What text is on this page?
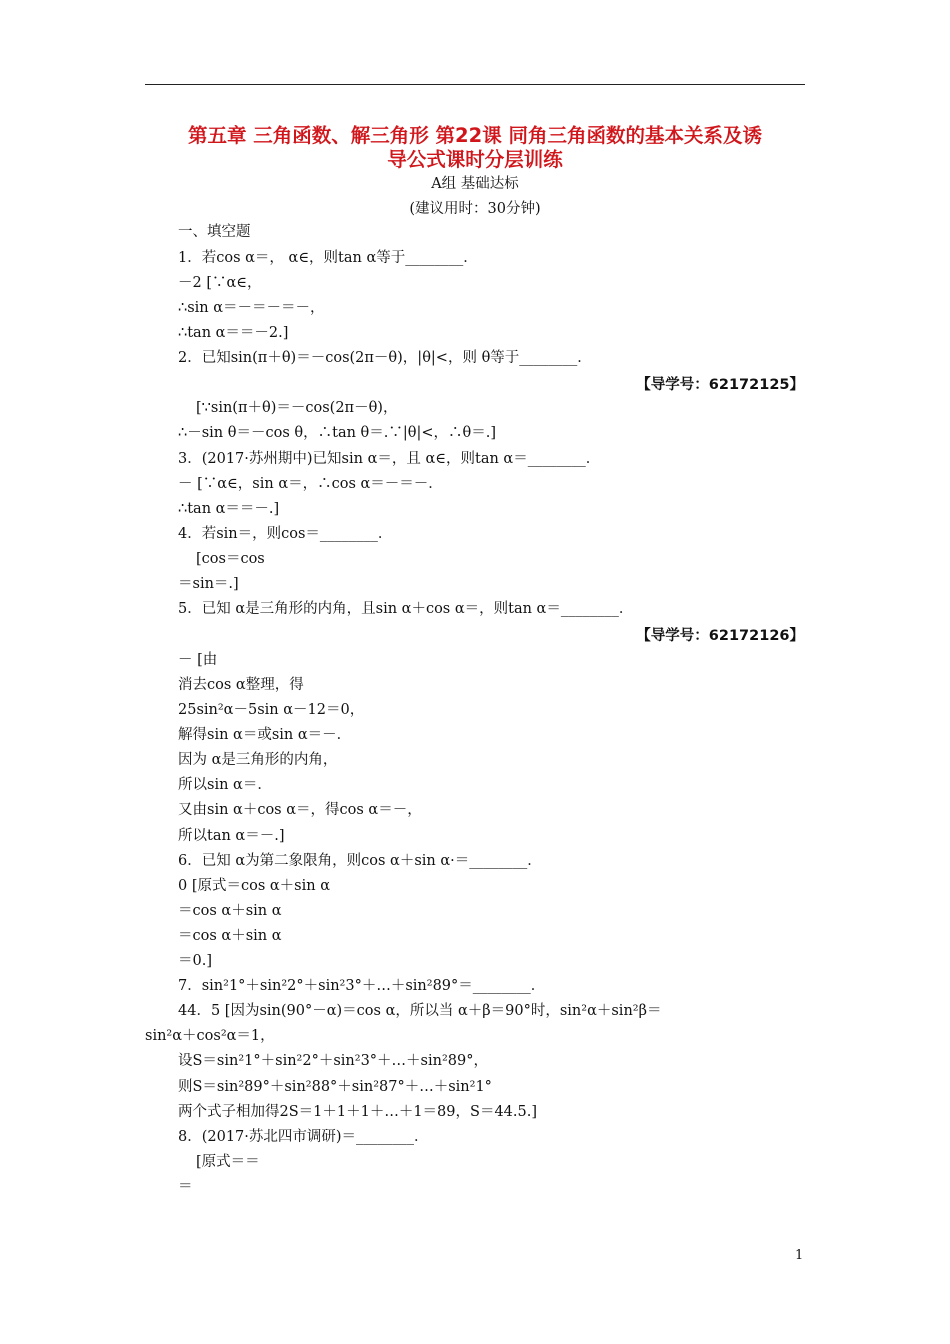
第五章 三角函数、解三角形 第22课 同角三角函数的基本关系及诱
导公式课时分层训练
A组 基础达标
(建议用时：30分钟)
一、填空题
1．若cos α＝， α∈，则tan α等于________．
－2 [∵α∈，
∴sin α＝－＝－＝－，
∴tan α＝＝－2.]
2．已知sin(π＋θ)＝－cos(2π－θ)，|θ|<，则 θ等于________．
[∵sin(π＋θ)＝－cos(2π－θ)，
∴－sin θ＝－cos θ，∴tan θ＝.∵|θ|<，∴θ＝.]
3．(2017·苏州期中)已知sin α＝，且 α∈，则tan α＝________．
－ [∵α∈，sin α＝，∴cos α＝－＝－．
∴tan α＝＝－.]
4．若sin＝，则cos＝________．
[cos＝cos
＝sin＝.]
5．已知 α是三角形的内角，且sin α＋cos α＝，则tan α＝________．
－ [由
消去cos α整理，得
25sin²α－5sin α－12＝0，
解得sin α＝或sin α＝－．
因为 α是三角形的内角，
所以sin α＝．
又由sin α＋cos α＝，得cos α＝－，
所以tan α＝－.]
6．已知 α为第二象限角，则cos α＋sin α·＝________．
0 [原式＝cos α＋sin α
＝cos α＋sin α
＝cos α＋sin α
＝0.]
7．sin²1°＋sin²2°＋sin²3°＋…＋sin²89°＝________．
44．5 [因为sin(90°－α)＝cos α，所以当 α＋β＝90°时，sin²α＋sin²β＝
sin²α＋cos²α＝1，
设S＝sin²1°＋sin²2°＋sin²3°＋…＋sin²89°，
则S＝sin²89°＋sin²88°＋sin²87°＋…＋sin²1°
两个式子相加得2S＝1＋1＋1＋…＋1＝89，S＝44.5.]
8．(2017·苏北四市调研)＝________．
[原式＝＝
＝
【导学号：62172125】
【导学号：62172126】
1
